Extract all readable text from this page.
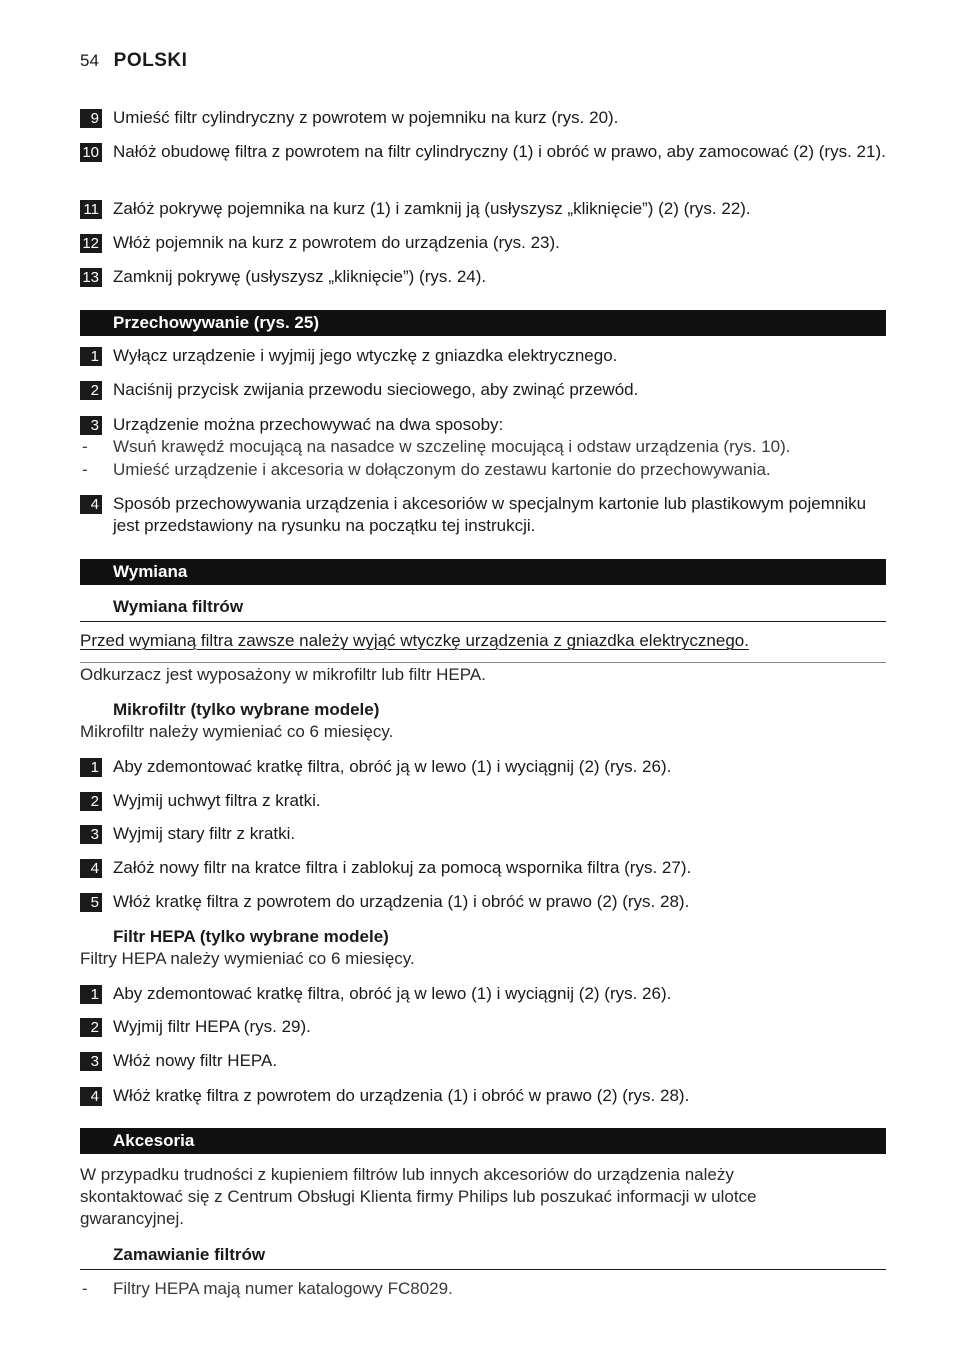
54 POLSKI
9 Umieść filtr cylindryczny z powrotem w pojemniku na kurz (rys. 20).
10 Nałóż obudowę filtra z powrotem na filtr cylindryczny (1) i obróć w prawo, aby zamocować (2) (rys. 21).
11 Załóż pokrywę pojemnika na kurz (1) i zamknij ją (usłyszysz „kliknięcie”) (2) (rys. 22).
12 Włóż pojemnik na kurz z powrotem do urządzenia (rys. 23).
13 Zamknij pokrywę (usłyszysz „kliknięcie”) (rys. 24).
Przechowywanie (rys. 25)
1 Wyłącz urządzenie i wyjmij jego wtyczkę z gniazdka elektrycznego.
2 Naciśnij przycisk zwijania przewodu sieciowego, aby zwinąć przewód.
3 Urządzenie można przechowywać na dwa sposoby:
- Wsuń krawędź mocującą na nasadce w szczelinę mocującą i odstaw urządzenia (rys. 10).
- Umieść urządzenie i akcesoria w dołączonym do zestawu kartonie do przechowywania.
4 Sposób przechowywania urządzenia i akcesoriów w specjalnym kartonie lub plastikowym pojemniku jest przedstawiony na rysunku na początku tej instrukcji.
Wymiana
Wymiana filtrów
Przed wymianą filtra zawsze należy wyjąć wtyczkę urządzenia z gniazdka elektrycznego.
Odkurzacz jest wyposażony w mikrofiltr lub filtr HEPA.
Mikrofiltr (tylko wybrane modele)
Mikrofiltr należy wymieniać co 6 miesięcy.
1 Aby zdemontować kratkę filtra, obróć ją w lewo (1) i wyciągnij (2) (rys. 26).
2 Wyjmij uchwyt filtra z kratki.
3 Wyjmij stary filtr z kratki.
4 Załóż nowy filtr na kratce filtra i zablokuj za pomocą wspornika filtra (rys. 27).
5 Włóż kratkę filtra z powrotem do urządzenia (1) i obróć w prawo (2) (rys. 28).
Filtr HEPA (tylko wybrane modele)
Filtry HEPA należy wymieniać co 6 miesięcy.
1 Aby zdemontować kratkę filtra, obróć ją w lewo (1) i wyciągnij (2) (rys. 26).
2 Wyjmij filtr HEPA (rys. 29).
3 Włóż nowy filtr HEPA.
4 Włóż kratkę filtra z powrotem do urządzenia (1) i obróć w prawo (2) (rys. 28).
Akcesoria
W przypadku trudności z kupieniem filtrów lub innych akcesoriów do urządzenia należy skontaktować się z Centrum Obsługi Klienta firmy Philips lub poszukać informacji w ulotce gwarancyjnej.
Zamawianie filtrów
- Filtry HEPA mają numer katalogowy FC8029.
